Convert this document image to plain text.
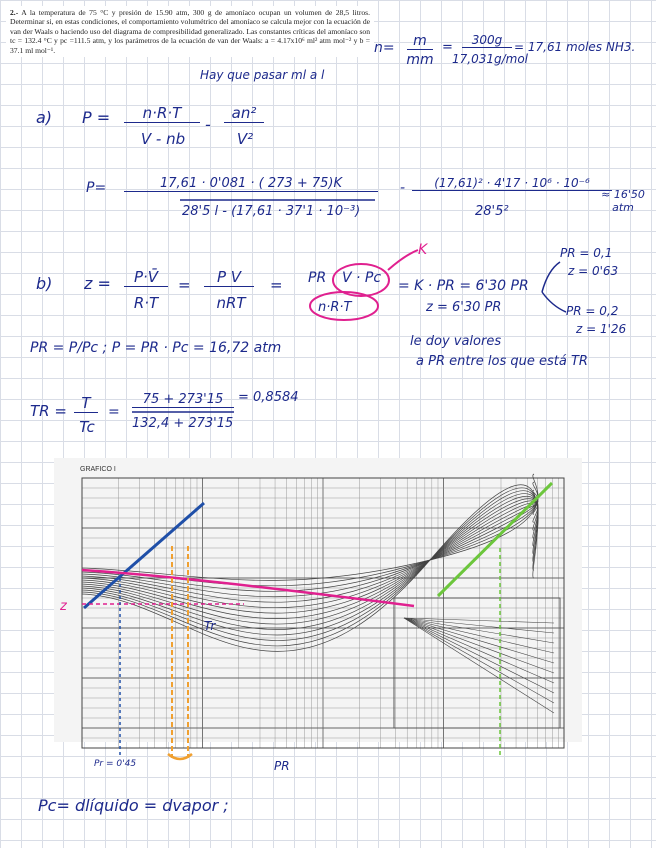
2.- A la temperatura de 75 °C y presión de 15.90 atm, 300 g de amoníaco ocupan un volumen de 28,5 litros. Determinar si, en estas condiciones, el comportamiento volumétrico del amoníaco se calcula mejor con la ecuación de van der Waals o haciendo uso del diagrama de compresibilidad generalizado. Las constantes críticas del amoníaco son tc = 132.4 °C y pc =111.5 atm, y los parámetros de la ecuación de van der Waals: a = 4.17x10⁶ ml² atm mol⁻² y b = 37.1 ml mol⁻¹.
Hay que pasar ml a l
n=	m
mm
=	300g
17,031g/mol
= 17,61 moles NH3.
a) P =	n·R·T
V - nb
-
an²
V²
P=	17,61 · 0'081 · ( 273 + 75)K
28'5 l - (17,61 · 37'1 · 10⁻³)
-	(17,61)² · 4'17 · 10⁶ · 10⁻⁶
28'5²
≈ 16'50 atm
b) z =	P·V̄
R·T
=	P V
nRT
= PR V · Pc
n·R·T
K
= K · PR = 6'30 PR
z = 6'30 PR
PR = 0,1
z = 0'63
PR = 0,2
z = 1'26
le doy valores
a PR entre los que está TR
PR = P/Pc ; P = PR · Pc = 16,72 atm
TR = T
Tc
=
75 + 273'15
132,4 + 273'15
= 0,8584
GRAFICO I
z
Tr
Pr = 0'45	PR
Pc= dlíquido = dvapor ;
